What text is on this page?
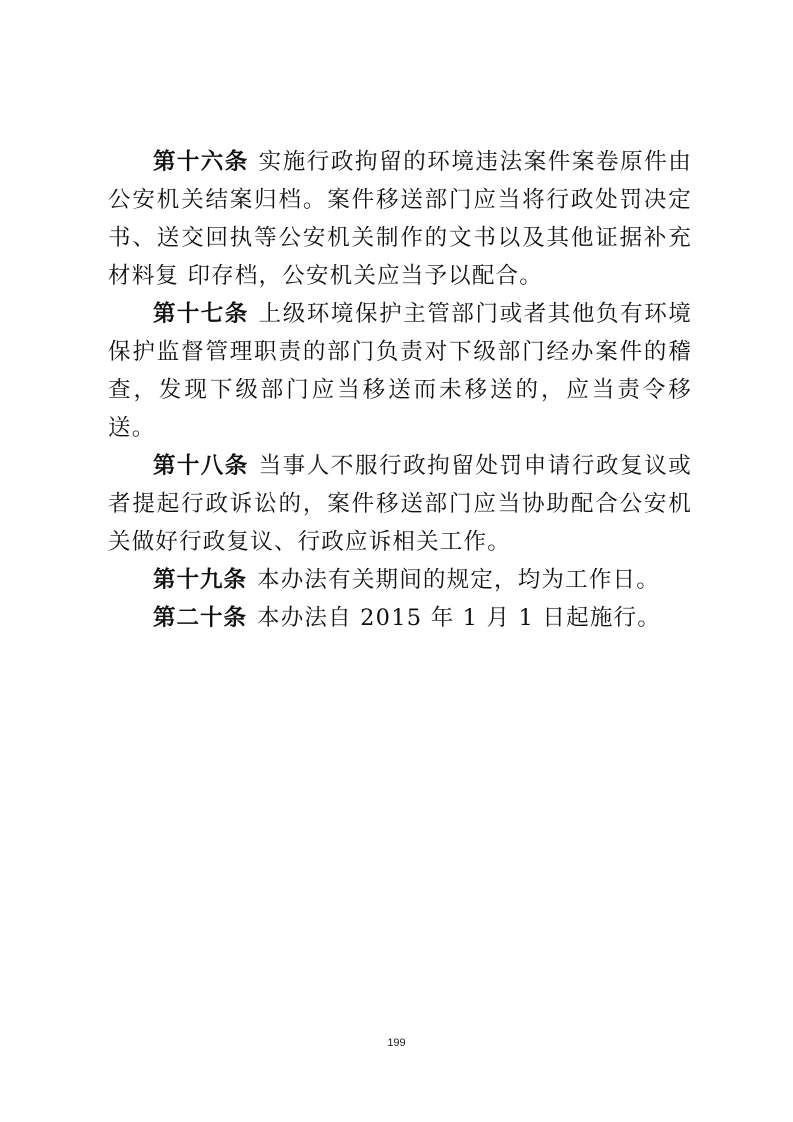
第十六条 实施行政拘留的环境违法案件案卷原件由公安机关结案归档。案件移送部门应当将行政处罚决定书、送交回执等公安机关制作的文书以及其他证据补充材料复 印存档，公安机关应当予以配合。

第十七条 上级环境保护主管部门或者其他负有环境保护监督管理职责的部门负责对下级部门经办案件的稽查，发现下级部门应当移送而未移送的，应当责令移送。

第十八条 当事人不服行政拘留处罚申请行政复议或者提起行政诉讼的，案件移送部门应当协助配合公安机关做好行政复议、行政应诉相关工作。

第十九条 本办法有关期间的规定，均为工作日。

第二十条 本办法自 2015 年 1 月 1 日起施行。

199
